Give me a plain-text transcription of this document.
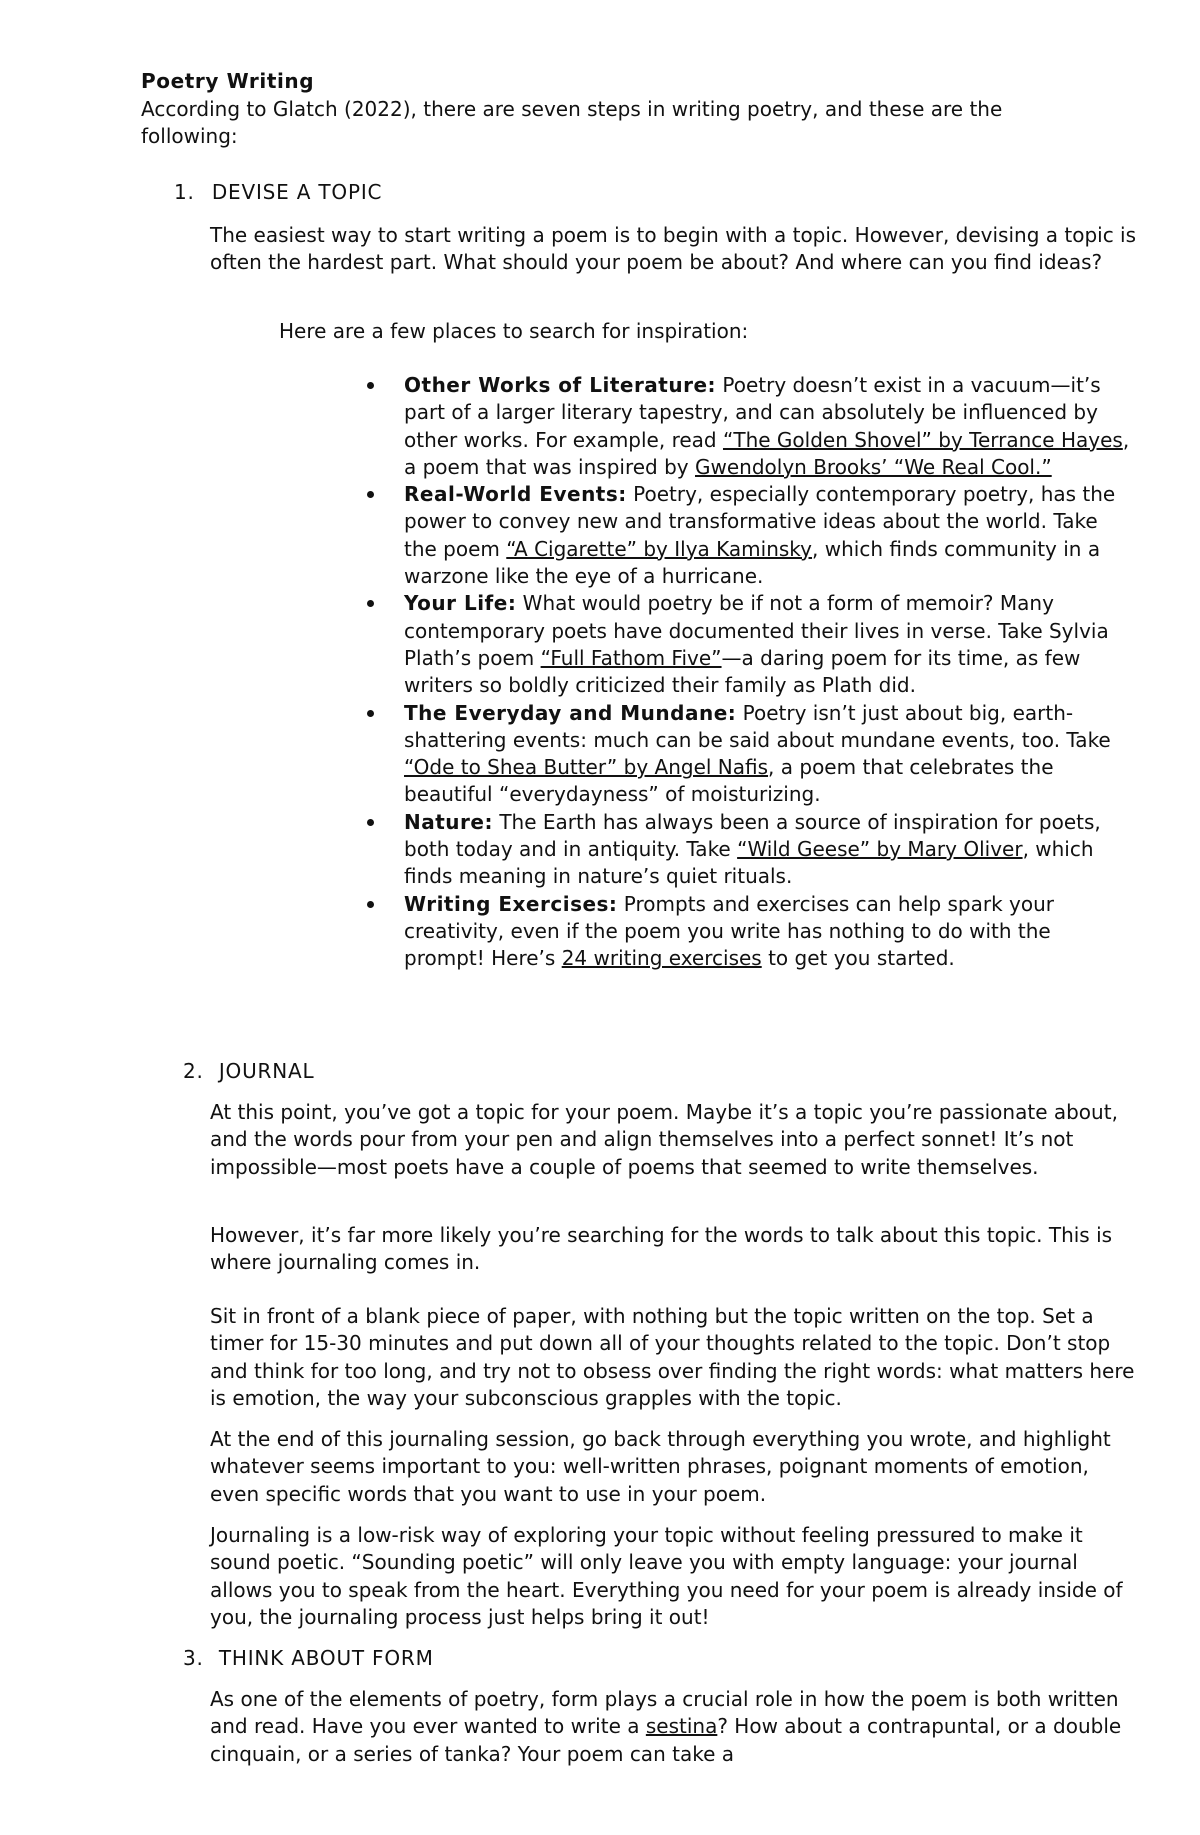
Poetry Writing
According to Glatch (2022), there are seven steps in writing poetry, and these are the following:
1. DEVISE A TOPIC

The easiest way to start writing a poem is to begin with a topic. However, devising a topic is often the hardest part. What should your poem be about? And where can you find ideas?

Here are a few places to search for inspiration:
Other Works of Literature: Poetry doesn’t exist in a vacuum—it’s part of a larger literary tapestry, and can absolutely be influenced by other works. For example, read “The Golden Shovel” by Terrance Hayes, a poem that was inspired by Gwendolyn Brooks’ “We Real Cool.”
Real-World Events: Poetry, especially contemporary poetry, has the power to convey new and transformative ideas about the world. Take the poem “A Cigarette” by Ilya Kaminsky, which finds community in a warzone like the eye of a hurricane.
Your Life: What would poetry be if not a form of memoir? Many contemporary poets have documented their lives in verse. Take Sylvia Plath’s poem “Full Fathom Five”—a daring poem for its time, as few writers so boldly criticized their family as Plath did.
The Everyday and Mundane: Poetry isn’t just about big, earth-shattering events: much can be said about mundane events, too. Take “Ode to Shea Butter” by Angel Nafis, a poem that celebrates the beautiful “everydayness” of moisturizing.
Nature: The Earth has always been a source of inspiration for poets, both today and in antiquity. Take “Wild Geese” by Mary Oliver, which finds meaning in nature’s quiet rituals.
Writing Exercises: Prompts and exercises can help spark your creativity, even if the poem you write has nothing to do with the prompt! Here’s 24 writing exercises to get you started.
2. JOURNAL

At this point, you’ve got a topic for your poem. Maybe it’s a topic you’re passionate about, and the words pour from your pen and align themselves into a perfect sonnet! It’s not impossible—most poets have a couple of poems that seemed to write themselves.

However, it’s far more likely you’re searching for the words to talk about this topic. This is where journaling comes in.

Sit in front of a blank piece of paper, with nothing but the topic written on the top. Set a timer for 15-30 minutes and put down all of your thoughts related to the topic. Don’t stop and think for too long, and try not to obsess over finding the right words: what matters here is emotion, the way your subconscious grapples with the topic.

At the end of this journaling session, go back through everything you wrote, and highlight whatever seems important to you: well-written phrases, poignant moments of emotion, even specific words that you want to use in your poem.

Journaling is a low-risk way of exploring your topic without feeling pressured to make it sound poetic. “Sounding poetic” will only leave you with empty language: your journal allows you to speak from the heart. Everything you need for your poem is already inside of you, the journaling process just helps bring it out!

3. THINK ABOUT FORM

As one of the elements of poetry, form plays a crucial role in how the poem is both written and read. Have you ever wanted to write a sestina? How about a contrapuntal, or a double cinquain, or a series of tanka? Your poem can take a
